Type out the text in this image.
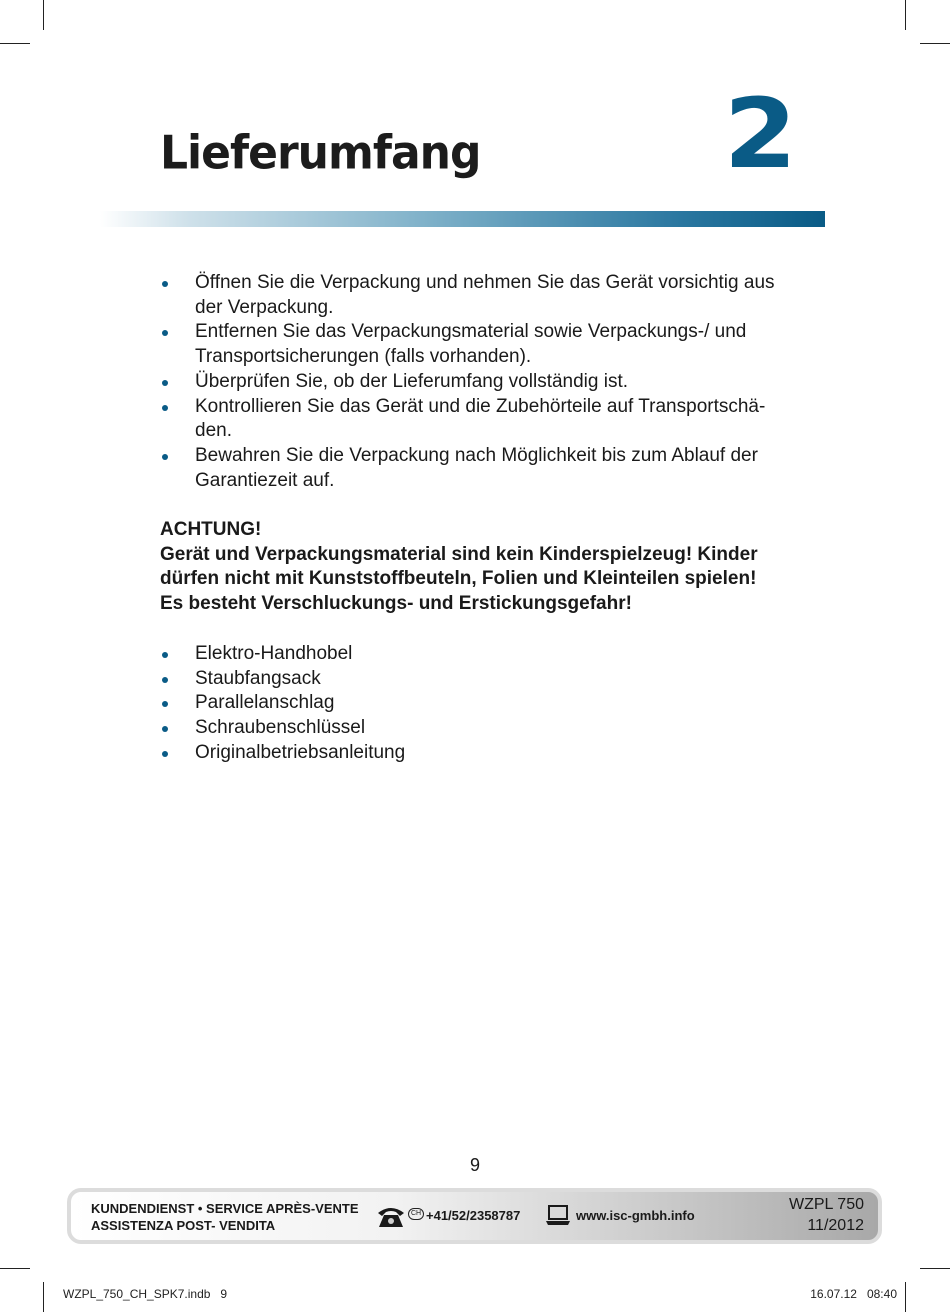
Lieferumfang	2
Öffnen Sie die Verpackung und nehmen Sie das Gerät vorsichtig aus
der Verpackung.
Entfernen Sie das Verpackungsmaterial sowie Verpackungs-/ und
Transportsicherungen (falls vorhanden).
Überprüfen Sie, ob der Lieferumfang vollständig ist.
Kontrollieren Sie das Gerät und die Zubehörteile auf Transportschä-
den.
Bewahren Sie die Verpackung nach Möglichkeit bis zum Ablauf der
Garantiezeit auf.
ACHTUNG!
Gerät und Verpackungsmaterial sind kein Kinderspielzeug! Kinder
dürfen nicht mit Kunststoffbeuteln, Folien und Kleinteilen spielen!
Es besteht Verschluckungs- und Erstickungsgefahr!
Elektro-Handhobel
Staubfangsack
Parallelanschlag
Schraubenschlüssel
Originalbetriebsanleitung
9
KUNDENDIENST • SERVICE APRÈS-VENTE
ASSISTENZA POST- VENDITA
CH +41/52/2358787	www.isc-gmbh.info
WZPL 750
11/2012
WZPL_750_CH_SPK7.indb   9	16.07.12   08:40
